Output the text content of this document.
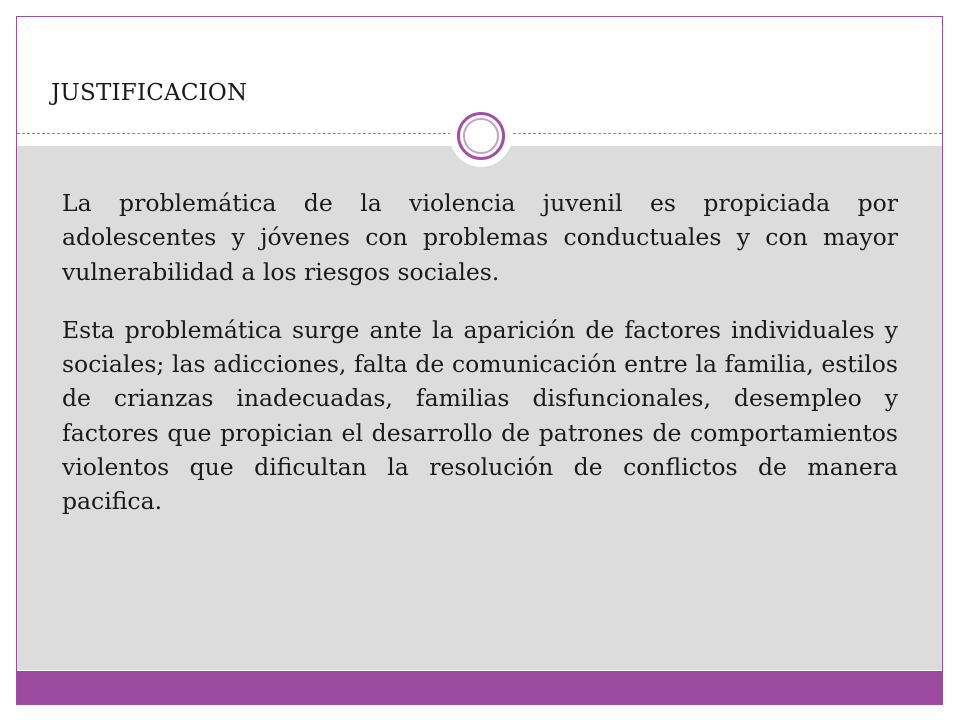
JUSTIFICACION

La problemática de la violencia juvenil es propiciada por adolescentes y jóvenes con problemas conductuales y con mayor vulnerabilidad a los riesgos sociales.

Esta problemática surge ante la aparición de factores individuales y sociales; las adicciones, falta de comunicación entre la familia, estilos de crianzas inadecuadas, familias disfuncionales, desempleo y factores que propician el desarrollo de patrones de comportamientos violentos que dificultan la resolución de conflictos de manera pacifica.
